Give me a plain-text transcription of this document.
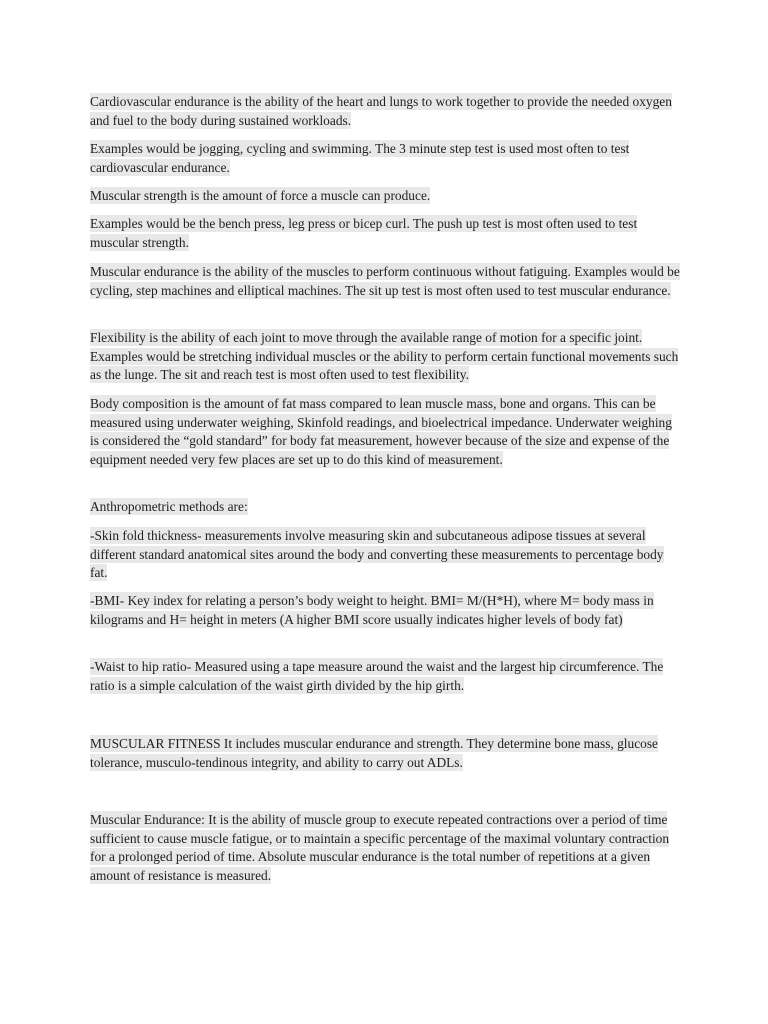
Cardiovascular endurance is the ability of the heart and lungs to work together to provide the needed oxygen and fuel to the body during sustained workloads.

Examples would be jogging, cycling and swimming. The 3 minute step test is used most often to test cardiovascular endurance.

Muscular strength is the amount of force a muscle can produce.

Examples would be the bench press, leg press or bicep curl. The push up test is most often used to test muscular strength.

Muscular endurance is the ability of the muscles to perform continuous without fatiguing. Examples would be cycling, step machines and elliptical machines. The sit up test is most often used to test muscular endurance.

Flexibility is the ability of each joint to move through the available range of motion for a specific joint. Examples would be stretching individual muscles or the ability to perform certain functional movements such as the lunge. The sit and reach test is most often used to test flexibility.

Body composition is the amount of fat mass compared to lean muscle mass, bone and organs. This can be measured using underwater weighing, Skinfold readings, and bioelectrical impedance. Underwater weighing is considered the “gold standard” for body fat measurement, however because of the size and expense of the equipment needed very few places are set up to do this kind of measurement.

Anthropometric methods are:

-Skin fold thickness- measurements involve measuring skin and subcutaneous adipose tissues at several different standard anatomical sites around the body and converting these measurements to percentage body fat.

-BMI- Key index for relating a person’s body weight to height. BMI= M/(H*H), where M= body mass in kilograms and H= height in meters (A higher BMI score usually indicates higher levels of body fat)

-Waist to hip ratio- Measured using a tape measure around the waist and the largest hip circumference. The ratio is a simple calculation of the waist girth divided by the hip girth.

MUSCULAR FITNESS It includes muscular endurance and strength. They determine bone mass, glucose tolerance, musculo-tendinous integrity, and ability to carry out ADLs.

Muscular Endurance: It is the ability of muscle group to execute repeated contractions over a period of time sufficient to cause muscle fatigue, or to maintain a specific percentage of the maximal voluntary contraction for a prolonged period of time. Absolute muscular endurance is the total number of repetitions at a given amount of resistance is measured.
